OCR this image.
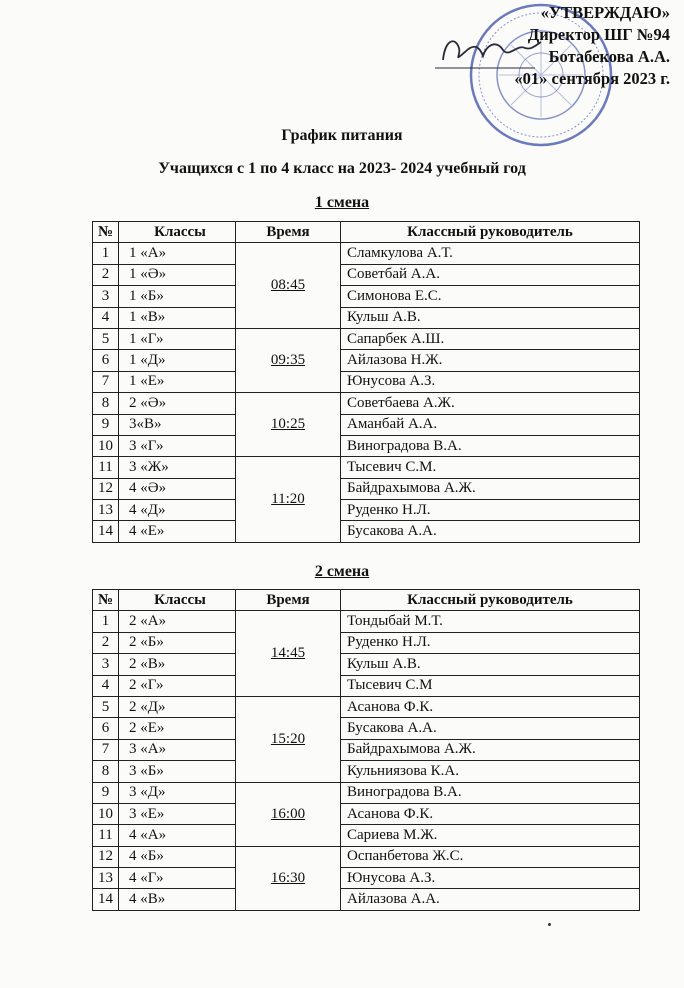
«УТВЕРЖДАЮ»
Директор ШГ №94
Ботабекова А.А.
«01» сентября 2023 г.
График питания
Учащихся с 1 по 4 класс на 2023- 2024 учебный год
1 смена
№	Классы	Время	Классный руководитель
1	1 «А»	08:45	Сламкулова А.Т.
2	1 «Ә»		Советбай А.А.
3	1 «Б»		Симонова Е.С.
4	1 «В»		Кульш А.В.
5	1 «Г»	09:35	Сапарбек А.Ш.
6	1 «Д»		Айлазова Н.Ж.
7	1 «Е»		Юнусова А.З.
8	2 «Ә»	10:25	Советбаева А.Ж.
9	3«В»		Аманбай А.А.
10	3 «Г»		Виноградова В.А.
11	3 «Ж»	11:20	Тысевич С.М.
12	4 «Ә»		Байдрахымова А.Ж.
13	4 «Д»		Руденко Н.Л.
14	4 «Е»		Бусакова А.А.
2 смена
№	Классы	Время	Классный руководитель
1	2 «А»	14:45	Тондыбай М.Т.
2	2 «Б»		Руденко Н.Л.
3	2 «В»		Кульш А.В.
4	2 «Г»		Тысевич С.М
5	2 «Д»	15:20	Асанова Ф.К.
6	2 «Е»		Бусакова А.А.
7	3 «А»		Байдрахымова А.Ж.
8	3 «Б»		Кульниязова К.А.
9	3 «Д»	16:00	Виноградова В.А.
10	3 «Е»		Асанова Ф.К.
11	4 «А»		Сариева М.Ж.
12	4 «Б»	16:30	Оспанбетова Ж.С.
13	4 «Г»		Юнусова А.З.
14	4 «В»		Айлазова А.А.
